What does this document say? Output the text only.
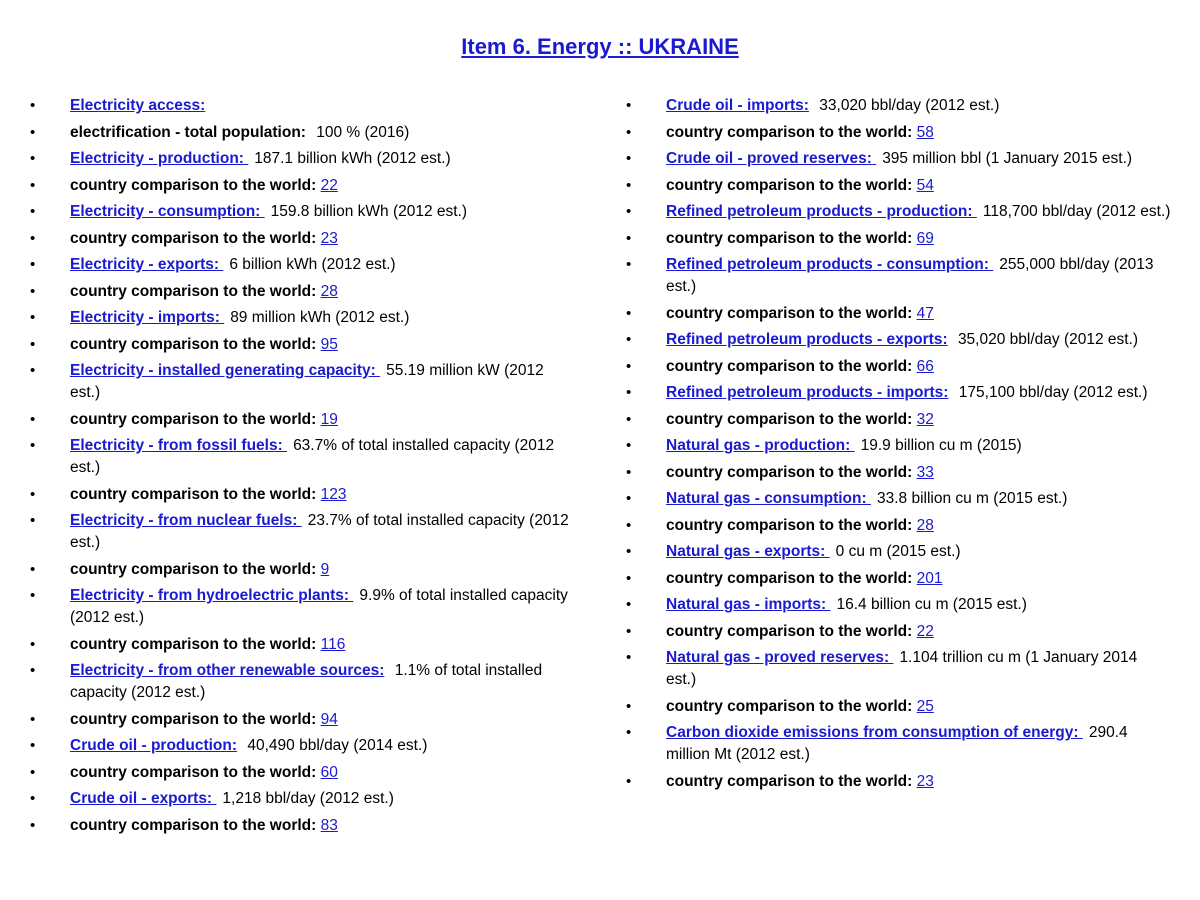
Item 6. Energy :: UKRAINE
• Electricity access:
• electrification - total population: 100 % (2016)
• Electricity - production: 187.1 billion kWh (2012 est.)
• country comparison to the world: 22
• Electricity - consumption: 159.8 billion kWh (2012 est.)
• country comparison to the world: 23
• Electricity - exports: 6 billion kWh (2012 est.)
• country comparison to the world: 28
• Electricity - imports: 89 million kWh (2012 est.)
• country comparison to the world: 95
• Electricity - installed generating capacity: 55.19 million kW (2012 est.)
• country comparison to the world: 19
• Electricity - from fossil fuels: 63.7% of total installed capacity (2012 est.)
• country comparison to the world: 123
• Electricity - from nuclear fuels: 23.7% of total installed capacity (2012 est.)
• country comparison to the world: 9
• Electricity - from hydroelectric plants: 9.9% of total installed capacity (2012 est.)
• country comparison to the world: 116
• Electricity - from other renewable sources: 1.1% of total installed capacity (2012 est.)
• country comparison to the world: 94
• Crude oil - production: 40,490 bbl/day (2014 est.)
• country comparison to the world: 60
• Crude oil - exports: 1,218 bbl/day (2012 est.)
• country comparison to the world: 83
• Crude oil - imports: 33,020 bbl/day (2012 est.)
• country comparison to the world: 58
• Crude oil - proved reserves: 395 million bbl (1 January 2015 est.)
• country comparison to the world: 54
• Refined petroleum products - production: 118,700 bbl/day (2012 est.)
• country comparison to the world: 69
• Refined petroleum products - consumption: 255,000 bbl/day (2013 est.)
• country comparison to the world: 47
• Refined petroleum products - exports: 35,020 bbl/day (2012 est.)
• country comparison to the world: 66
• Refined petroleum products - imports: 175,100 bbl/day (2012 est.)
• country comparison to the world: 32
• Natural gas - production: 19.9 billion cu m (2015)
• country comparison to the world: 33
• Natural gas - consumption: 33.8 billion cu m (2015 est.)
• country comparison to the world: 28
• Natural gas - exports: 0 cu m (2015 est.)
• country comparison to the world: 201
• Natural gas - imports: 16.4 billion cu m (2015 est.)
• country comparison to the world: 22
• Natural gas - proved reserves: 1.104 trillion cu m (1 January 2014 est.)
• country comparison to the world: 25
• Carbon dioxide emissions from consumption of energy: 290.4 million Mt (2012 est.)
• country comparison to the world: 23
